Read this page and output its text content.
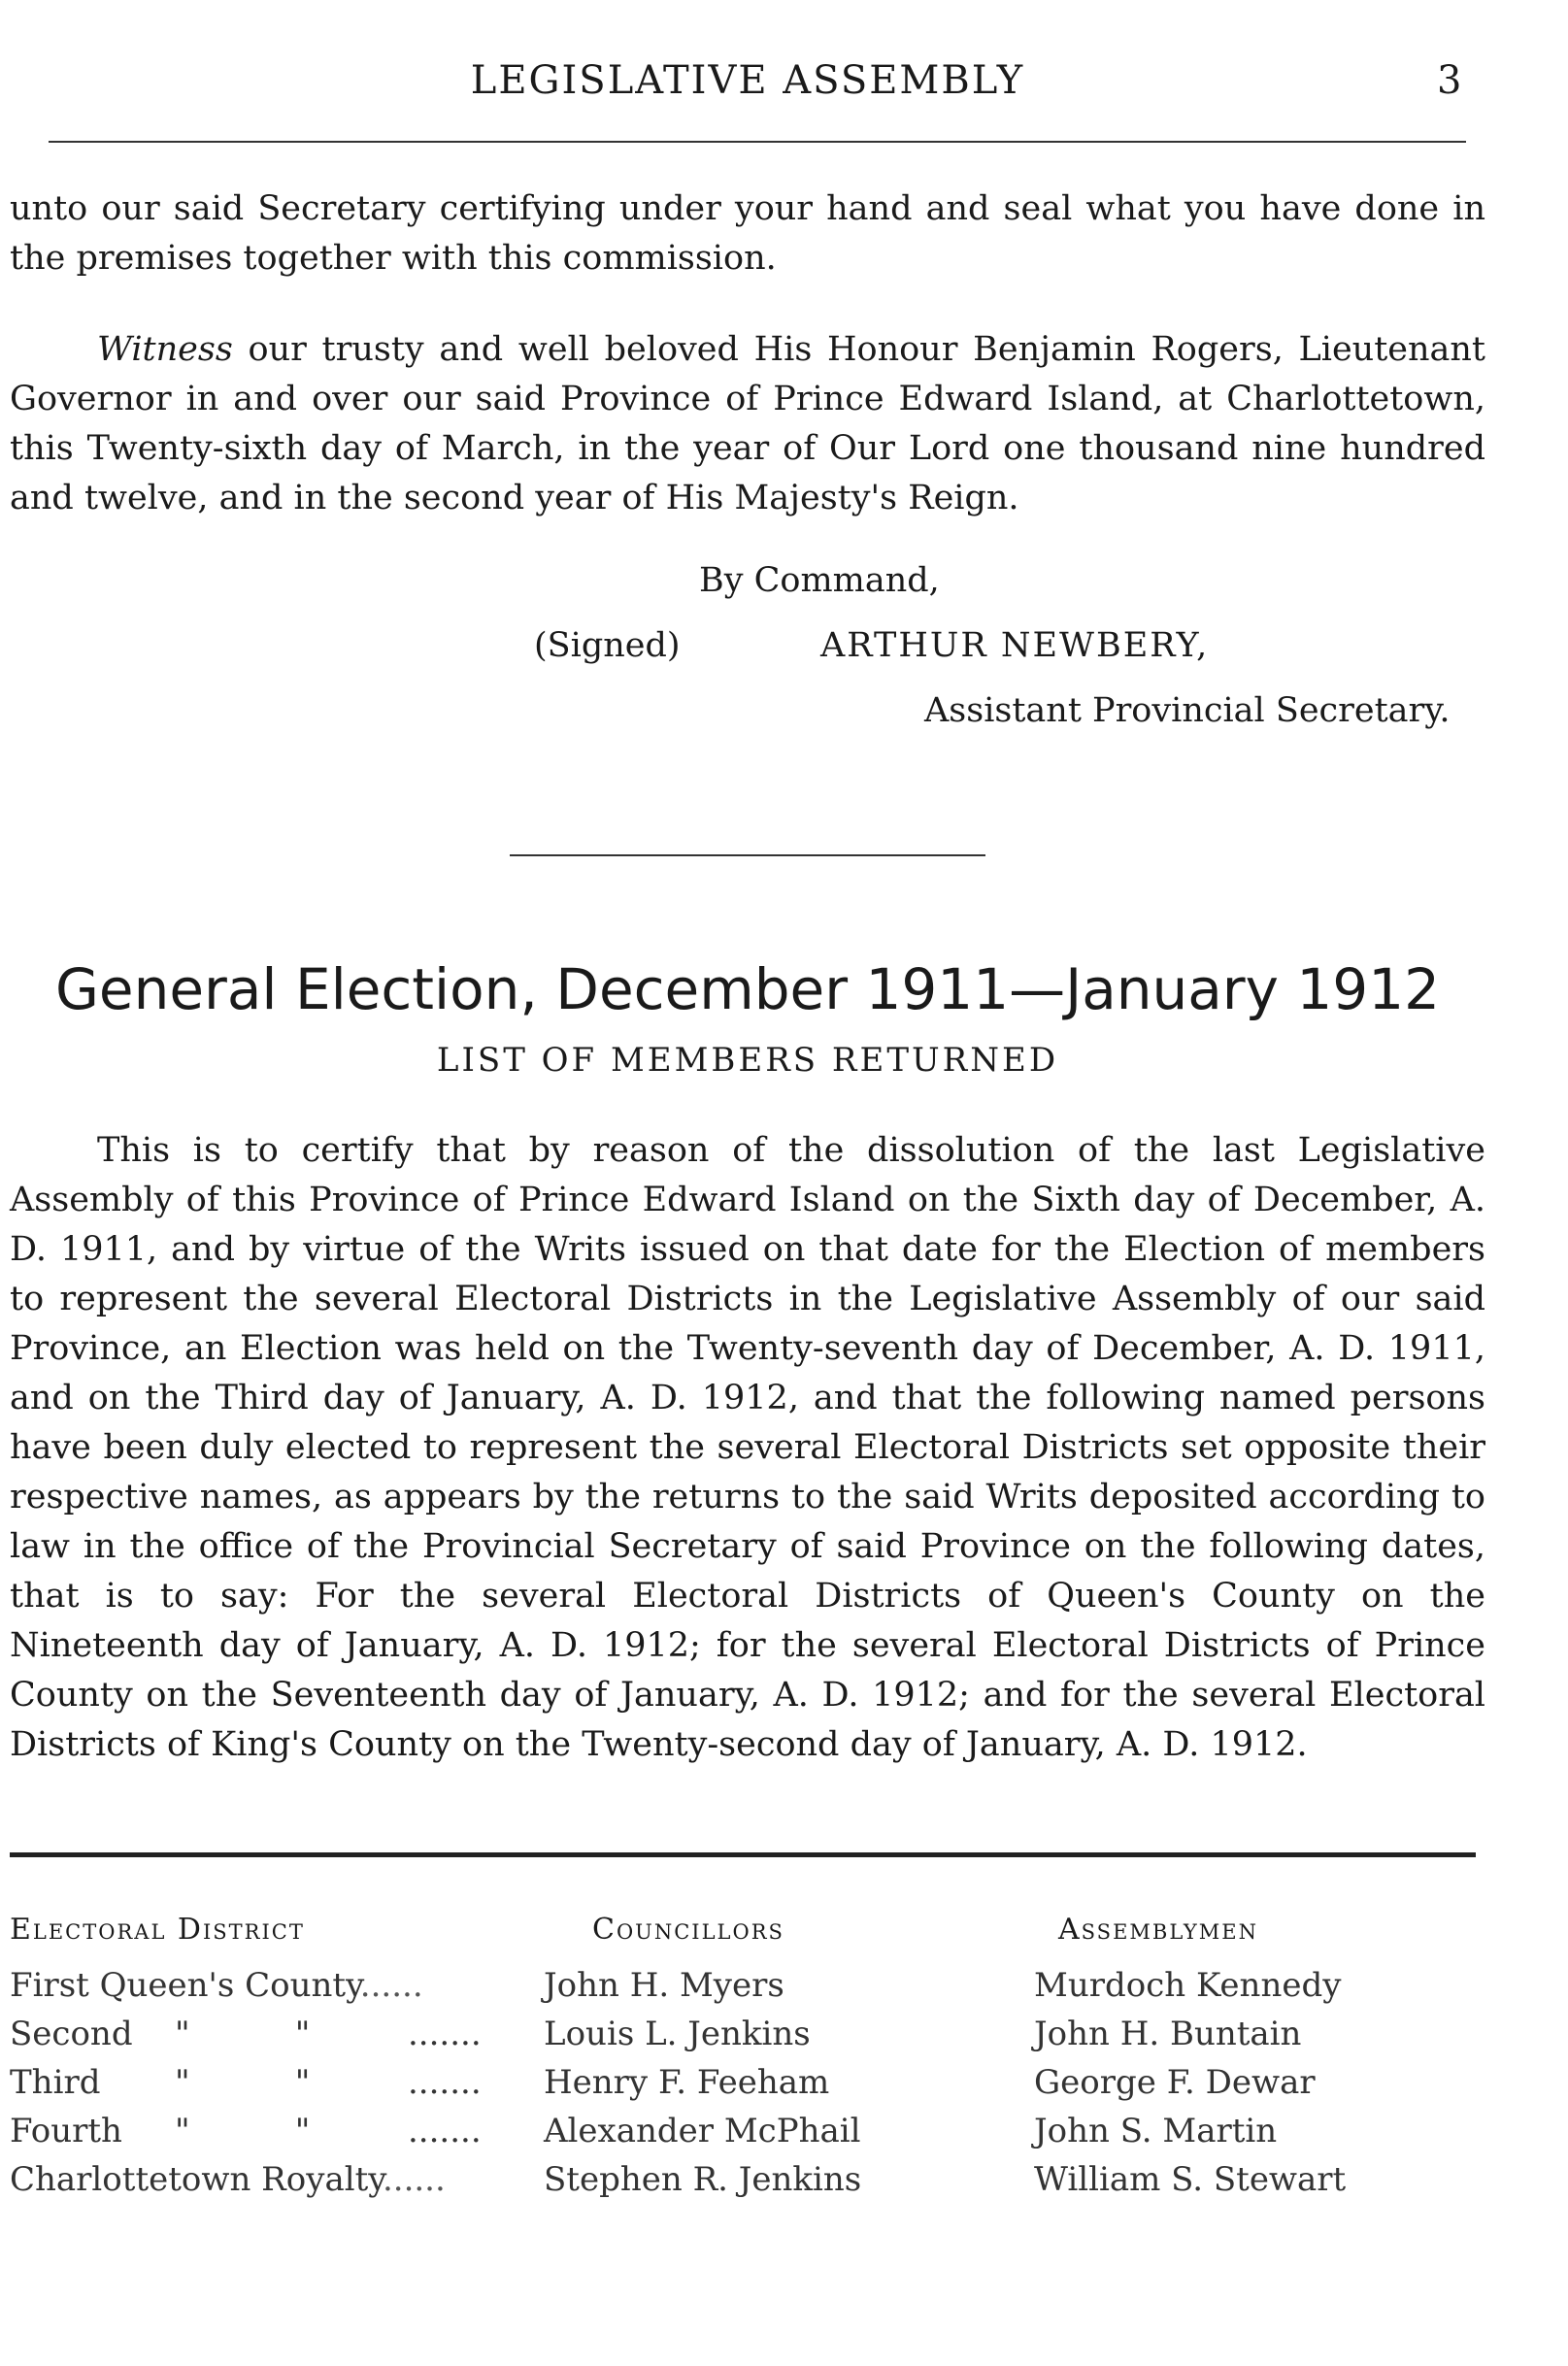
LEGISLATIVE ASSEMBLY	3

unto our said Secretary certifying under your hand and seal what you have done in the premises together with this commission.

Witness our trusty and well beloved His Honour Benjamin Rogers, Lieutenant Governor in and over our said Province of Prince Edward Island, at Charlottetown, this Twenty-sixth day of March, in the year of Our Lord one thousand nine hundred and twelve, and in the second year of His Majesty's Reign.

By Command,
(Signed)	ARTHUR NEWBERY,
Assistant Provincial Secretary.
General Election, December 1911—January 1912
LIST OF MEMBERS RETURNED

This is to certify that by reason of the dissolution of the last Legislative Assembly of this Province of Prince Edward Island on the Sixth day of December, A. D. 1911, and by virtue of the Writs issued on that date for the Election of members to represent the several Electoral Districts in the Legislative Assembly of our said Province, an Election was held on the Twenty-seventh day of December, A. D. 1911, and on the Third day of January, A. D. 1912, and that the following named persons have been duly elected to represent the several Electoral Districts set opposite their respective names, as appears by the returns to the said Writs deposited according to law in the office of the Provincial Secretary of said Province on the following dates, that is to say: For the several Electoral Districts of Queen's County on the Nineteenth day of January, A. D. 1912; for the several Electoral Districts of Prince County on the Seventeenth day of January, A. D. 1912; and for the several Electoral Districts of King's County on the Twenty-second day of January, A. D. 1912.

Electoral District	Councillors	Assemblymen
First Queen's County......	John H. Myers	Murdoch Kennedy
Second "          "	....... Louis L. Jenkins	John H. Buntain
Third "          "	....... Henry F. Feeham	George F. Dewar
Fourth "          "	....... Alexander McPhail	John S. Martin
Charlottetown Royalty......	Stephen R. Jenkins	William S. Stewart
